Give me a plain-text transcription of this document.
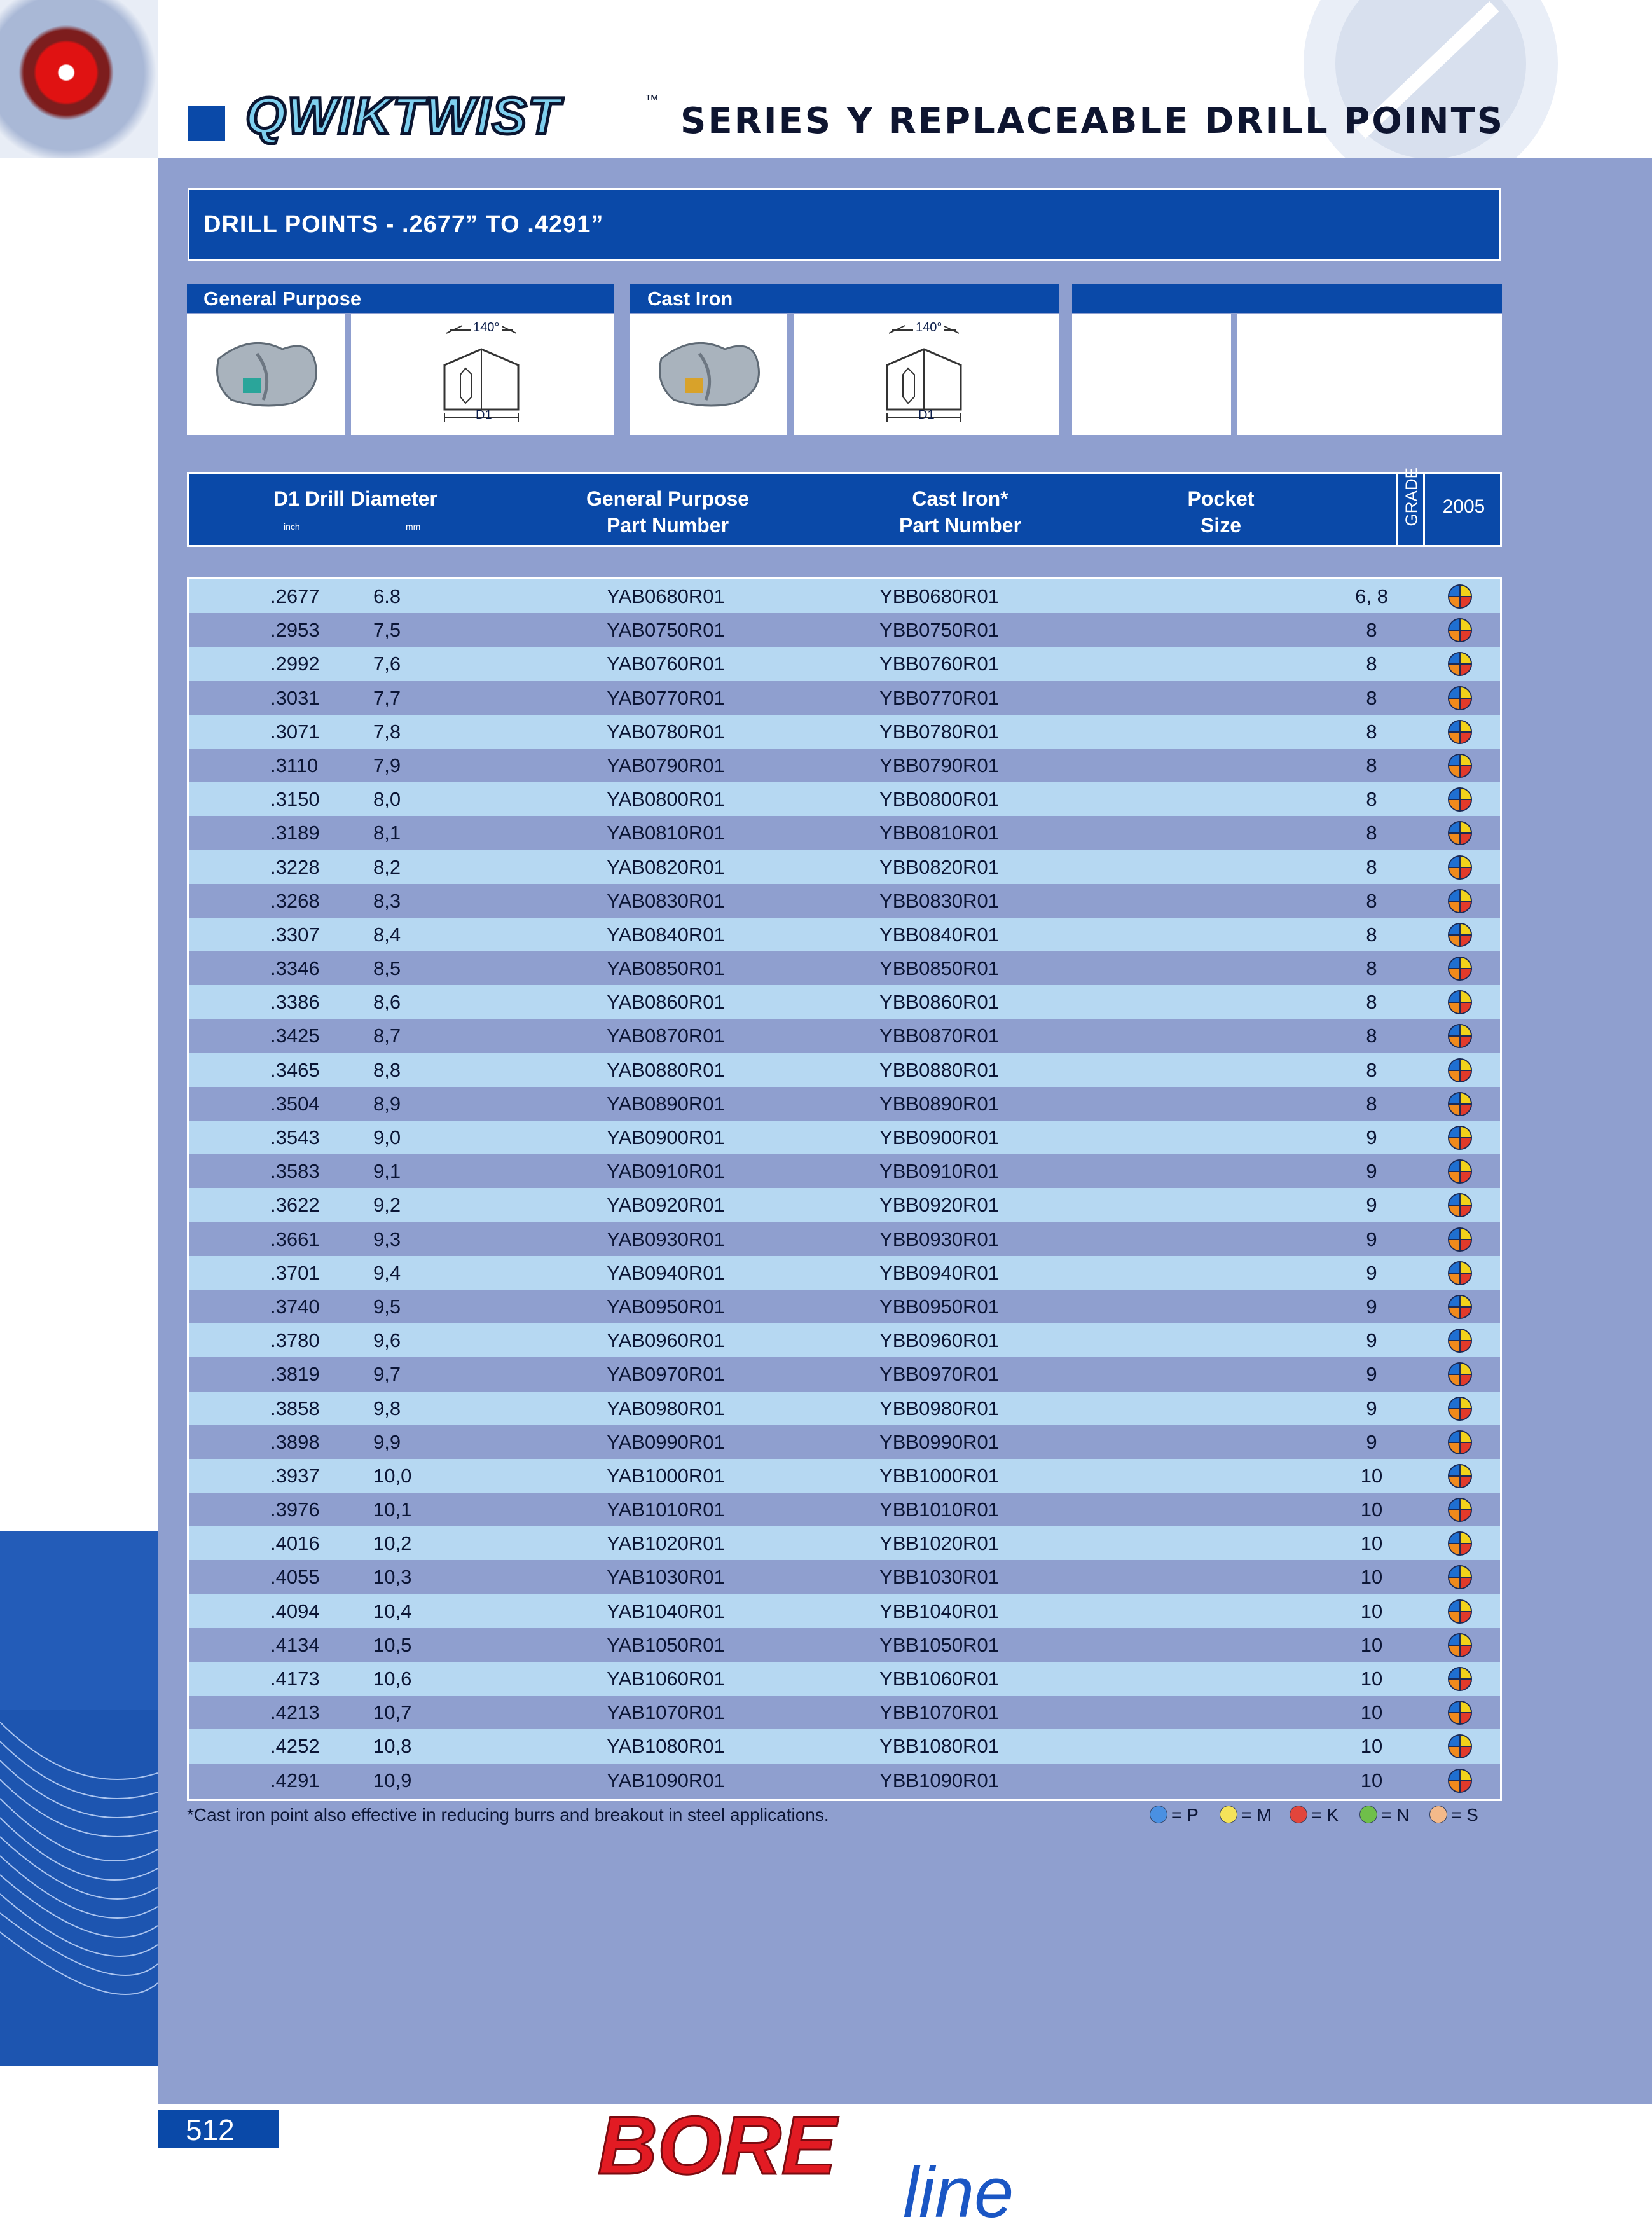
QWIKTWIST	™
SERIES Y REPLACEABLE DRILL POINTS
DRILL POINTS - .2677” TO .4291”
General Purpose	Cast Iron
140°
D1
140°
D1
D1 Drill Diameter
inch	mm
General Purpose
Part Number
Cast Iron*
Part Number
Pocket
Size	GRADE	2005
.2677	6.8	YAB0680R01	YBB0680R01	6, 8
.2953	7,5	YAB0750R01	YBB0750R01	8
.2992	7,6	YAB0760R01	YBB0760R01	8
.3031	7,7	YAB0770R01	YBB0770R01	8
.3071	7,8	YAB0780R01	YBB0780R01	8
.3110	7,9	YAB0790R01	YBB0790R01	8
.3150	8,0	YAB0800R01	YBB0800R01	8
.3189	8,1	YAB0810R01	YBB0810R01	8
.3228	8,2	YAB0820R01	YBB0820R01	8
.3268	8,3	YAB0830R01	YBB0830R01	8
.3307	8,4	YAB0840R01	YBB0840R01	8
.3346	8,5	YAB0850R01	YBB0850R01	8
.3386	8,6	YAB0860R01	YBB0860R01	8
.3425	8,7	YAB0870R01	YBB0870R01	8
.3465	8,8	YAB0880R01	YBB0880R01	8
.3504	8,9	YAB0890R01	YBB0890R01	8
.3543	9,0	YAB0900R01	YBB0900R01	9
.3583	9,1	YAB0910R01	YBB0910R01	9
.3622	9,2	YAB0920R01	YBB0920R01	9
.3661	9,3	YAB0930R01	YBB0930R01	9
.3701	9,4	YAB0940R01	YBB0940R01	9
.3740	9,5	YAB0950R01	YBB0950R01	9
.3780	9,6	YAB0960R01	YBB0960R01	9
.3819	9,7	YAB0970R01	YBB0970R01	9
.3858	9,8	YAB0980R01	YBB0980R01	9
.3898	9,9	YAB0990R01	YBB0990R01	9
.3937	10,0	YAB1000R01	YBB1000R01	10
.3976	10,1	YAB1010R01	YBB1010R01	10
.4016	10,2	YAB1020R01	YBB1020R01	10
.4055	10,3	YAB1030R01	YBB1030R01	10
.4094	10,4	YAB1040R01	YBB1040R01	10
.4134	10,5	YAB1050R01	YBB1050R01	10
.4173	10,6	YAB1060R01	YBB1060R01	10
.4213	10,7	YAB1070R01	YBB1070R01	10
.4252	10,8	YAB1080R01	YBB1080R01	10
.4291	10,9	YAB1090R01	YBB1090R01	10
*Cast iron point also effective in reducing burrs and breakout in steel applications.	= P	= M	= K	= N	= S
512	BORE
line
